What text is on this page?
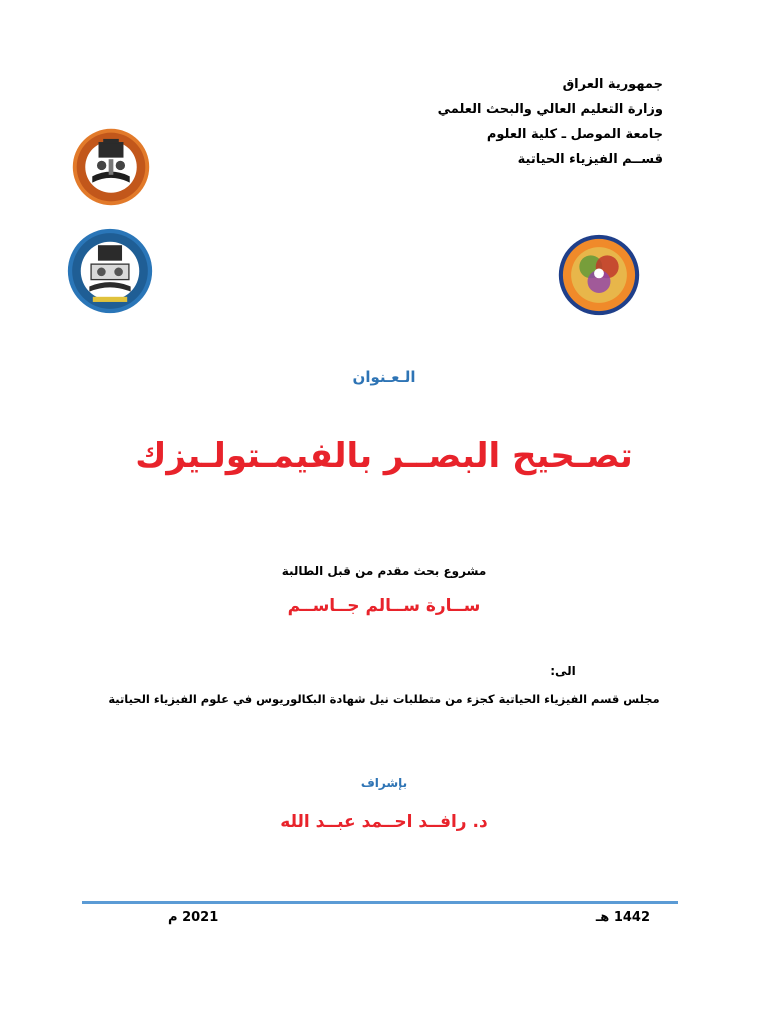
جمهورية العراق
وزارة التعليم العالي والبحث العلمي
جامعة الموصل ـ كلية العلوم
قســم الفيزياء الحياتية
الـعـنوان
تصـحيح البصــر بالفيمـتولـيزك
مشروع بحث مقدم من قبل الطالبة
ســارة ســالم جــاســم
الى:
مجلس قسم الفيزياء الحياتية كجزء من متطلبات نيل شهادة البكالوريوس في علوم الفيزياء الحياتية
بإشراف
د. رافــد احــمد عبــد الله
1442 هـ
2021 م
